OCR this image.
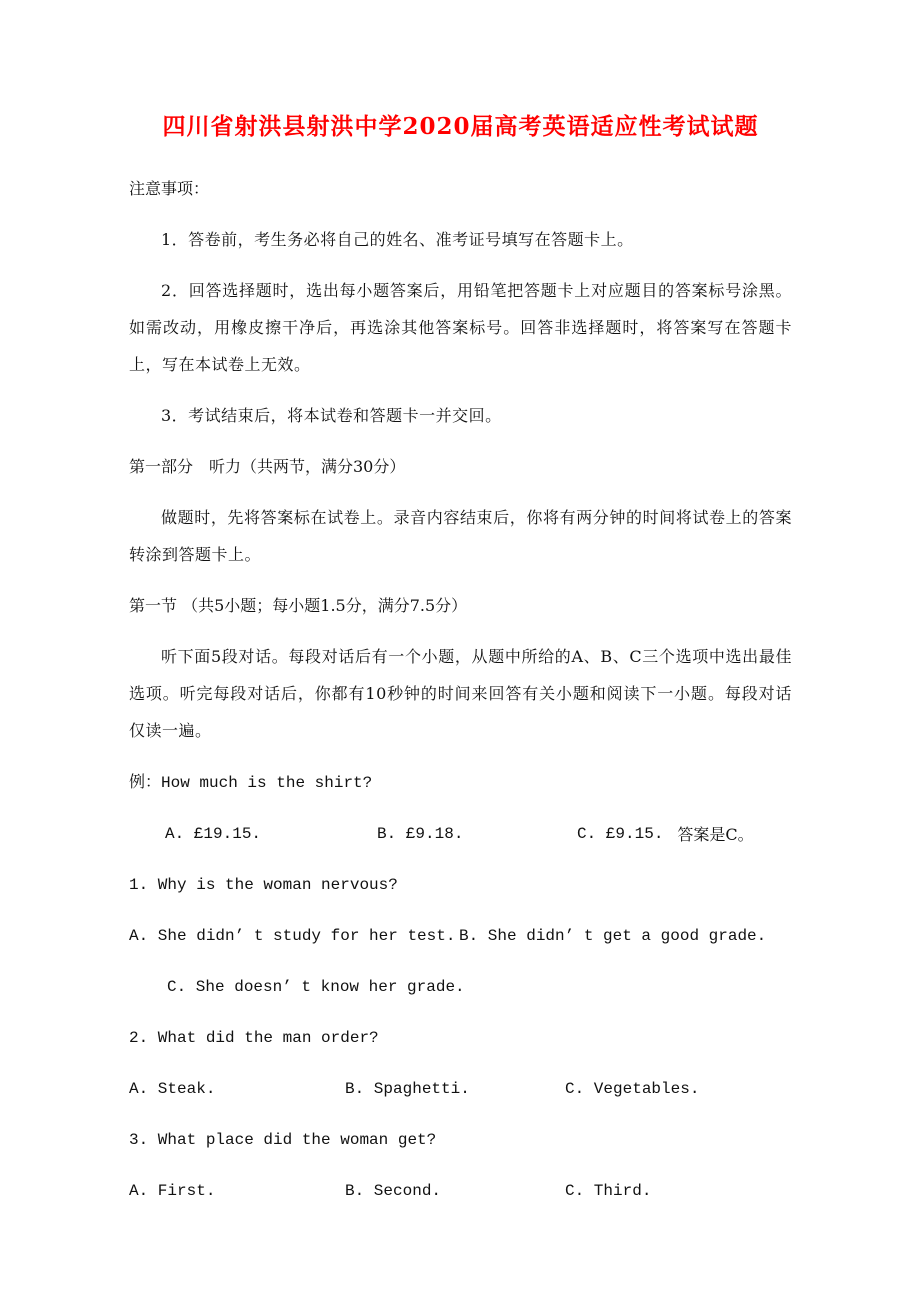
四川省射洪县射洪中学2020届高考英语适应性考试试题

注意事项：

1．答卷前，考生务必将自己的姓名、准考证号填写在答题卡上。

2．回答选择题时，选出每小题答案后，用铅笔把答题卡上对应题目的答案标号涂黑。如需改动，用橡皮擦干净后，再选涂其他答案标号。回答非选择题时，将答案写在答题卡上，写在本试卷上无效。

3．考试结束后，将本试卷和答题卡一并交回。

第一部分　听力（共两节，满分30分）

做题时，先将答案标在试卷上。录音内容结束后，你将有两分钟的时间将试卷上的答案转涂到答题卡上。

第一节 （共5小题；每小题1.5分，满分7.5分）

听下面5段对话。每段对话后有一个小题，从题中所给的A、B、C三个选项中选出最佳选项。听完每段对话后，你都有10秒钟的时间来回答有关小题和阅读下一小题。每段对话仅读一遍。

例：How much is the shirt?

A. £19.15.	B. £9.18.	C. £9.15. 答案是C。

1. Why is the woman nervous?

A. She didn’ t study for her test. B. She didn’ t get a good grade.
C. She doesn’ t know her grade.

2. What did the man order?

A. Steak.	B. Spaghetti.	C. Vegetables.

3. What place did the woman get?

A. First.	B. Second.	C. Third.
